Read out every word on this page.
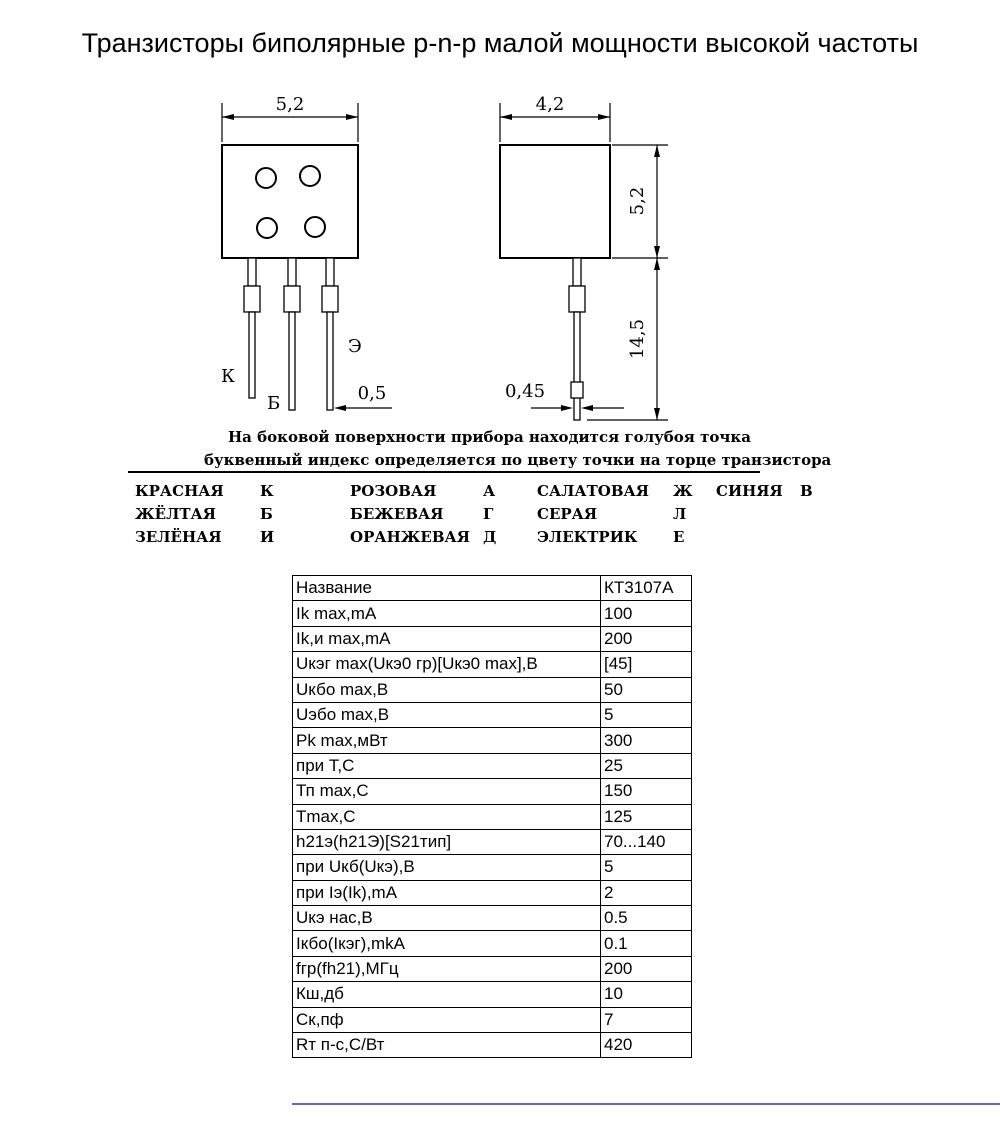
Транзисторы биполярные p-n-p малой мощности высокой частоты
5,2
Э
К
Б	0,5
4,2
5,2
14,5
0,45
На боковой поверхности прибора находится голубоя точка
буквенный индекс определяется по цвету точки на торце транзистора
КРАСНАЯ	К	РОЗОВАЯ	А	САЛАТОВАЯ	Ж	СИНЯЯ	В
ЖЁЛТАЯ	Б	БЕЖЕВАЯ	Г	СЕРАЯ	Л
ЗЕЛЁНАЯ	И	ОРАНЖЕВАЯ Д	ЭЛЕКТРИК	Е
Название	КТ3107А
Ik max,mA	100
Ik,и max,mA	200
Uкэг max(Uкэ0 гр)[Uкэ0 max],В	[45]
Uкбо max,В	50
Uэбо max,В	5
Pk max,мВт	300
при Т,С	25
Тп max,С	150
Tmax,С	125
h21э(h21Э)[S21тип]	70...140
при Uкб(Uкэ),В	5
при Iэ(Ik),mA	2
Uкэ нас,В	0.5
Iкбо(Iкэг),mkA	0.1
fгр(fh21),МГц	200
Кш,дб	10
Ск,пф	7
Rт п-с,С/Вт	420
